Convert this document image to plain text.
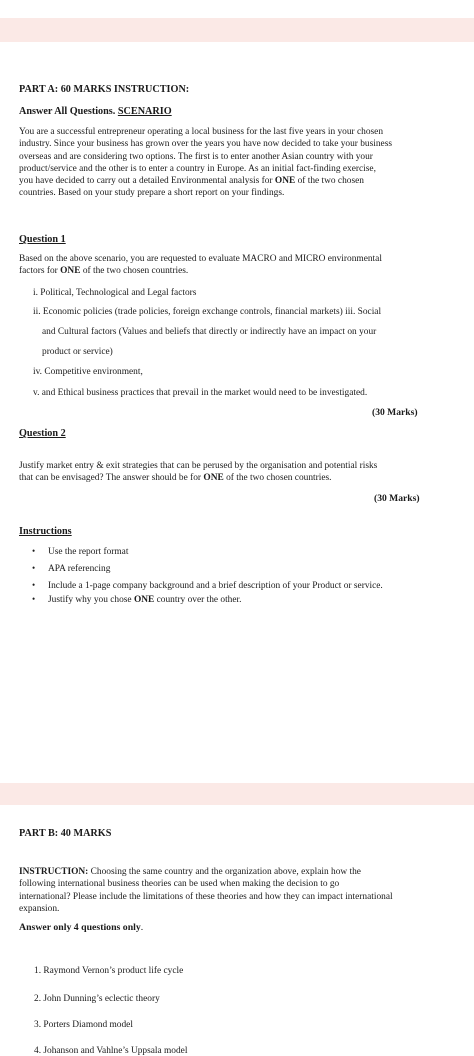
PART A: 60 MARKS INSTRUCTION:
Answer All Questions. SCENARIO
You are a successful entrepreneur operating a local business for the last five years in your chosen
industry. Since your business has grown over the years you have now decided to take your business
overseas and are considering two options. The first is to enter another Asian country with your
product/service and the other is to enter a country in Europe. As an initial fact-finding exercise,
you have decided to carry out a detailed Environmental analysis for ONE of the two chosen
countries. Based on your study prepare a short report on your findings.
Question 1
Based on the above scenario, you are requested to evaluate MACRO and MICRO environmental
factors for ONE of the two chosen countries.
i. Political, Technological and Legal factors
ii. Economic policies (trade policies, foreign exchange controls, financial markets) iii. Social
and Cultural factors (Values and beliefs that directly or indirectly have an impact on your
product or service)
iv. Competitive environment,
v. and Ethical business practices that prevail in the market would need to be investigated.
(30 Marks)
Question 2
Justify market entry & exit strategies that can be perused by the organisation and potential risks
that can be envisaged? The answer should be for ONE of the two chosen countries.
(30 Marks)
Instructions
• Use the report format
• APA referencing
• Include a 1-page company background and a brief description of your Product or service.
• Justify why you chose ONE country over the other.
PART B: 40 MARKS
INSTRUCTION: Choosing the same country and the organization above, explain how the
following international business theories can be used when making the decision to go
international? Please include the limitations of these theories and how they can impact international
expansion.
Answer only 4 questions only.
1. Raymond Vernon’s product life cycle
2. John Dunning’s eclectic theory
3. Porters Diamond model
4. Johanson and Vahlne’s Uppsala model
